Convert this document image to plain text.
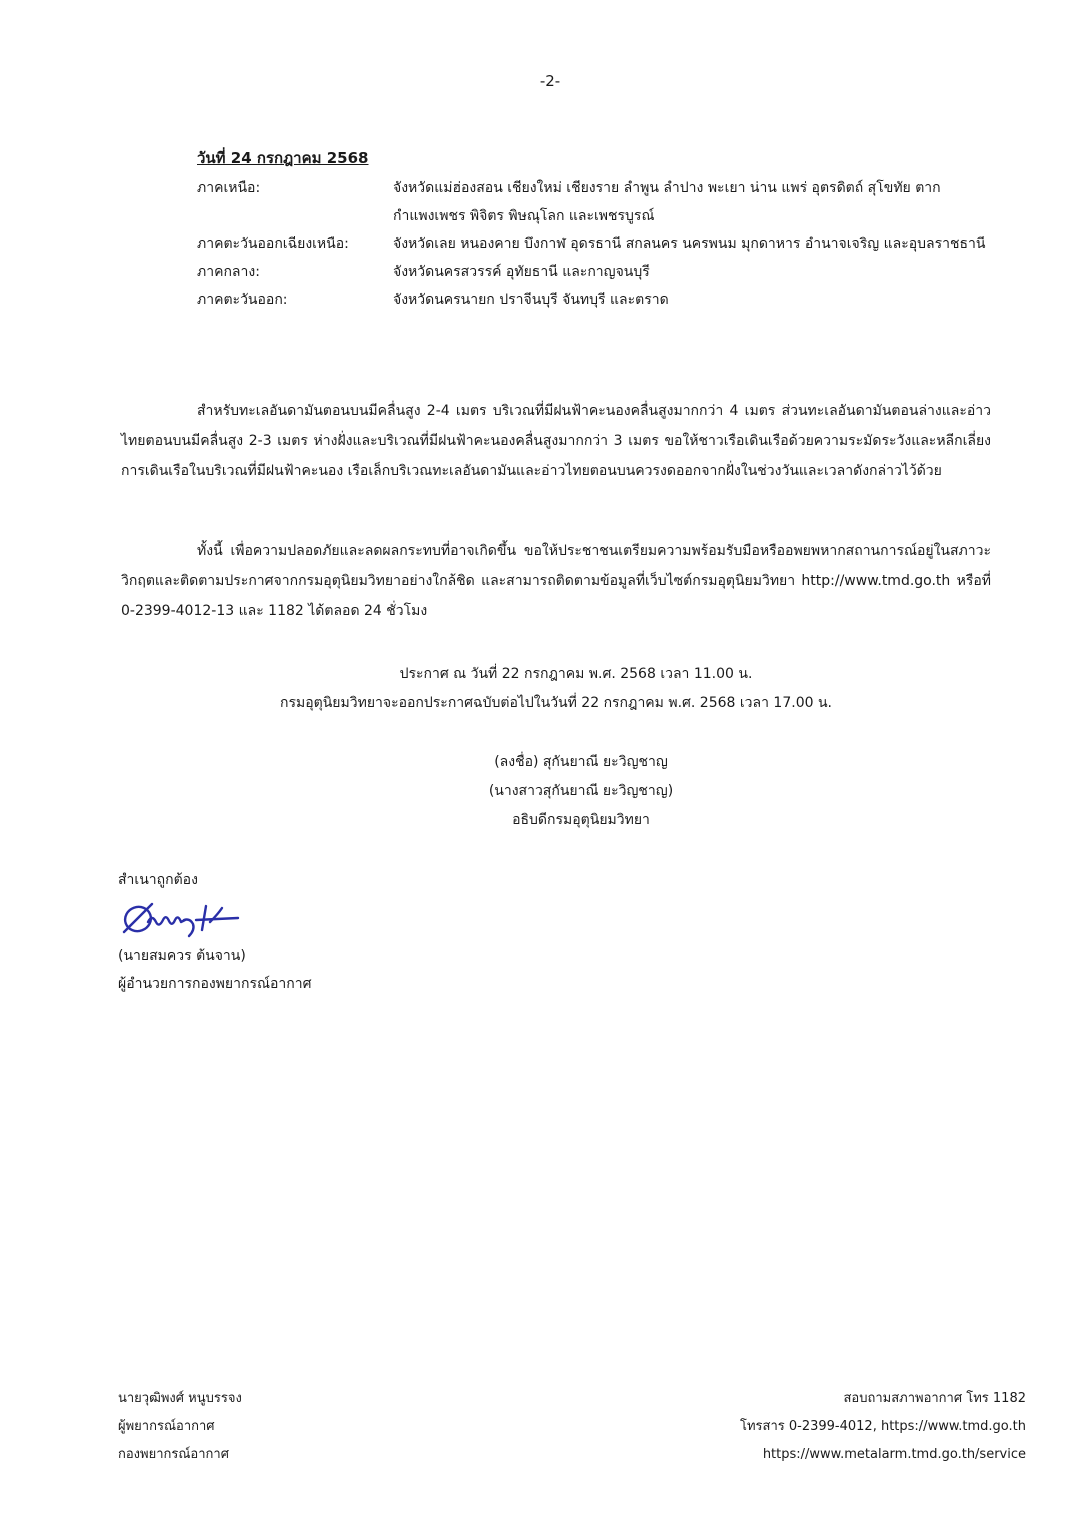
-2-
วันที่ 24 กรกฎาคม 2568
ภาคเหนือ:	จังหวัดแม่ฮ่องสอน เชียงใหม่ เชียงราย ลำพูน ลำปาง พะเยา น่าน แพร่ อุตรดิตถ์ สุโขทัย ตาก กำแพงเพชร พิจิตร พิษณุโลก และเพชรบูรณ์
ภาคตะวันออกเฉียงเหนือ:	จังหวัดเลย หนองคาย บึงกาฬ อุดรธานี สกลนคร นครพนม มุกดาหาร อำนาจเจริญ และอุบลราชธานี
ภาคกลาง:	จังหวัดนครสวรรค์ อุทัยธานี และกาญจนบุรี
ภาคตะวันออก:	จังหวัดนครนายก ปราจีนบุรี จันทบุรี และตราด
สำหรับทะเลอันดามันตอนบนมีคลื่นสูง 2-4 เมตร บริเวณที่มีฝนฟ้าคะนองคลื่นสูงมากกว่า 4 เมตร ส่วนทะเลอันดามันตอนล่างและอ่าวไทยตอนบนมีคลื่นสูง 2-3 เมตร ห่างฝั่งและบริเวณที่มีฝนฟ้าคะนองคลื่นสูงมากกว่า 3 เมตร ขอให้ชาวเรือเดินเรือด้วยความระมัดระวังและหลีกเลี่ยงการเดินเรือในบริเวณที่มีฝนฟ้าคะนอง เรือเล็กบริเวณทะเลอันดามันและอ่าวไทยตอนบนควรงดออกจากฝั่งในช่วงวันและเวลาดังกล่าวไว้ด้วย
ทั้งนี้ เพื่อความปลอดภัยและลดผลกระทบที่อาจเกิดขึ้น ขอให้ประชาชนเตรียมความพร้อมรับมือหรืออพยพหากสถานการณ์อยู่ในสภาวะวิกฤตและติดตามประกาศจากกรมอุตุนิยมวิทยาอย่างใกล้ชิด และสามารถติดตามข้อมูลที่เว็บไซต์กรมอุตุนิยมวิทยา http://www.tmd.go.th หรือที่ 0-2399-4012-13 และ 1182 ได้ตลอด 24 ชั่วโมง
ประกาศ ณ วันที่ 22 กรกฎาคม พ.ศ. 2568 เวลา 11.00 น.
กรมอุตุนิยมวิทยาจะออกประกาศฉบับต่อไปในวันที่ 22 กรกฎาคม พ.ศ. 2568 เวลา 17.00 น.
(ลงชื่อ) สุกันยาณี ยะวิญชาญ
(นางสาวสุกันยาณี ยะวิญชาญ)
อธิบดีกรมอุตุนิยมวิทยา
สำเนาถูกต้อง
(นายสมควร ต้นจาน)
ผู้อำนวยการกองพยากรณ์อากาศ
นายวุฒิพงศ์ หนูบรรจง
ผู้พยากรณ์อากาศ
กองพยากรณ์อากาศ
สอบถามสภาพอากาศ โทร 1182
โทรสาร 0-2399-4012, https://www.tmd.go.th
https://www.metalarm.tmd.go.th/service
